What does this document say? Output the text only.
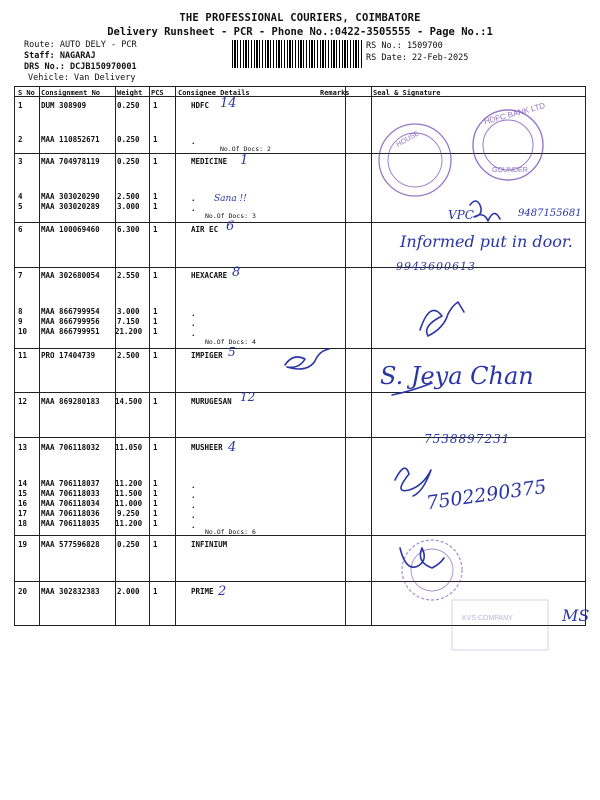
THE PROFESSIONAL COURIERS, COIMBATORE
Delivery Runsheet - PCR - Phone No.:0422-3505555 - Page No.:1
Route: AUTO DELY - PCR
Staff: NAGARAJ
DRS No.: DCJB150970001
Vehicle: Van Delivery
RS No.: 1509700
RS Date: 22-Feb-2025
S No Consignment No Weight PCS Consignee Details	Remarks	Seal & Signature
1 DUM 308909	0.250 1	HDFC
2 MAA 110852671 0.250 1	.
No.Of Docs: 2
3 MAA 704978119 0.250 1	MEDICINE
4 MAA 303020290 2.500 1	.
5 MAA 303020289 3.000 1	.
No.Of Docs: 3
6 MAA 100069460 6.300 1	AIR EC
7 MAA 302680054 2.550 1	HEXACARE
8 MAA 866799954 3.000 1	.
9 MAA 866799956 7.150 1	.
10 MAA 866799951 21.200 1	.
No.Of Docs: 4
11 PRO 17404739	2.500 1	IMPIGER
12 MAA 869280183 14.500 1	MURUGESAN
13 MAA 706118032 11.050 1	MUSHEER
14 MAA 706118037 11.200 1	.
15 MAA 706118033 11.500 1	.
16 MAA 706118034 11.000 1	.
17 MAA 706118036 9.250 1	.
18 MAA 706118035 11.200 1	.
No.Of Docs: 6
19 MAA 577596828 0.250 1	INFINIUM
20 MAA 302832383 2.000 1	PRIME
14
1
Sana !!
6
8
5
12
4
2
VPC	9487155681
Informed put in door.
9943600613
S. Jeya Chan
7538897231
7502290375
MS
HDFC BANK LTD
HOUSE
GOUNDER
KVS COMPANY
